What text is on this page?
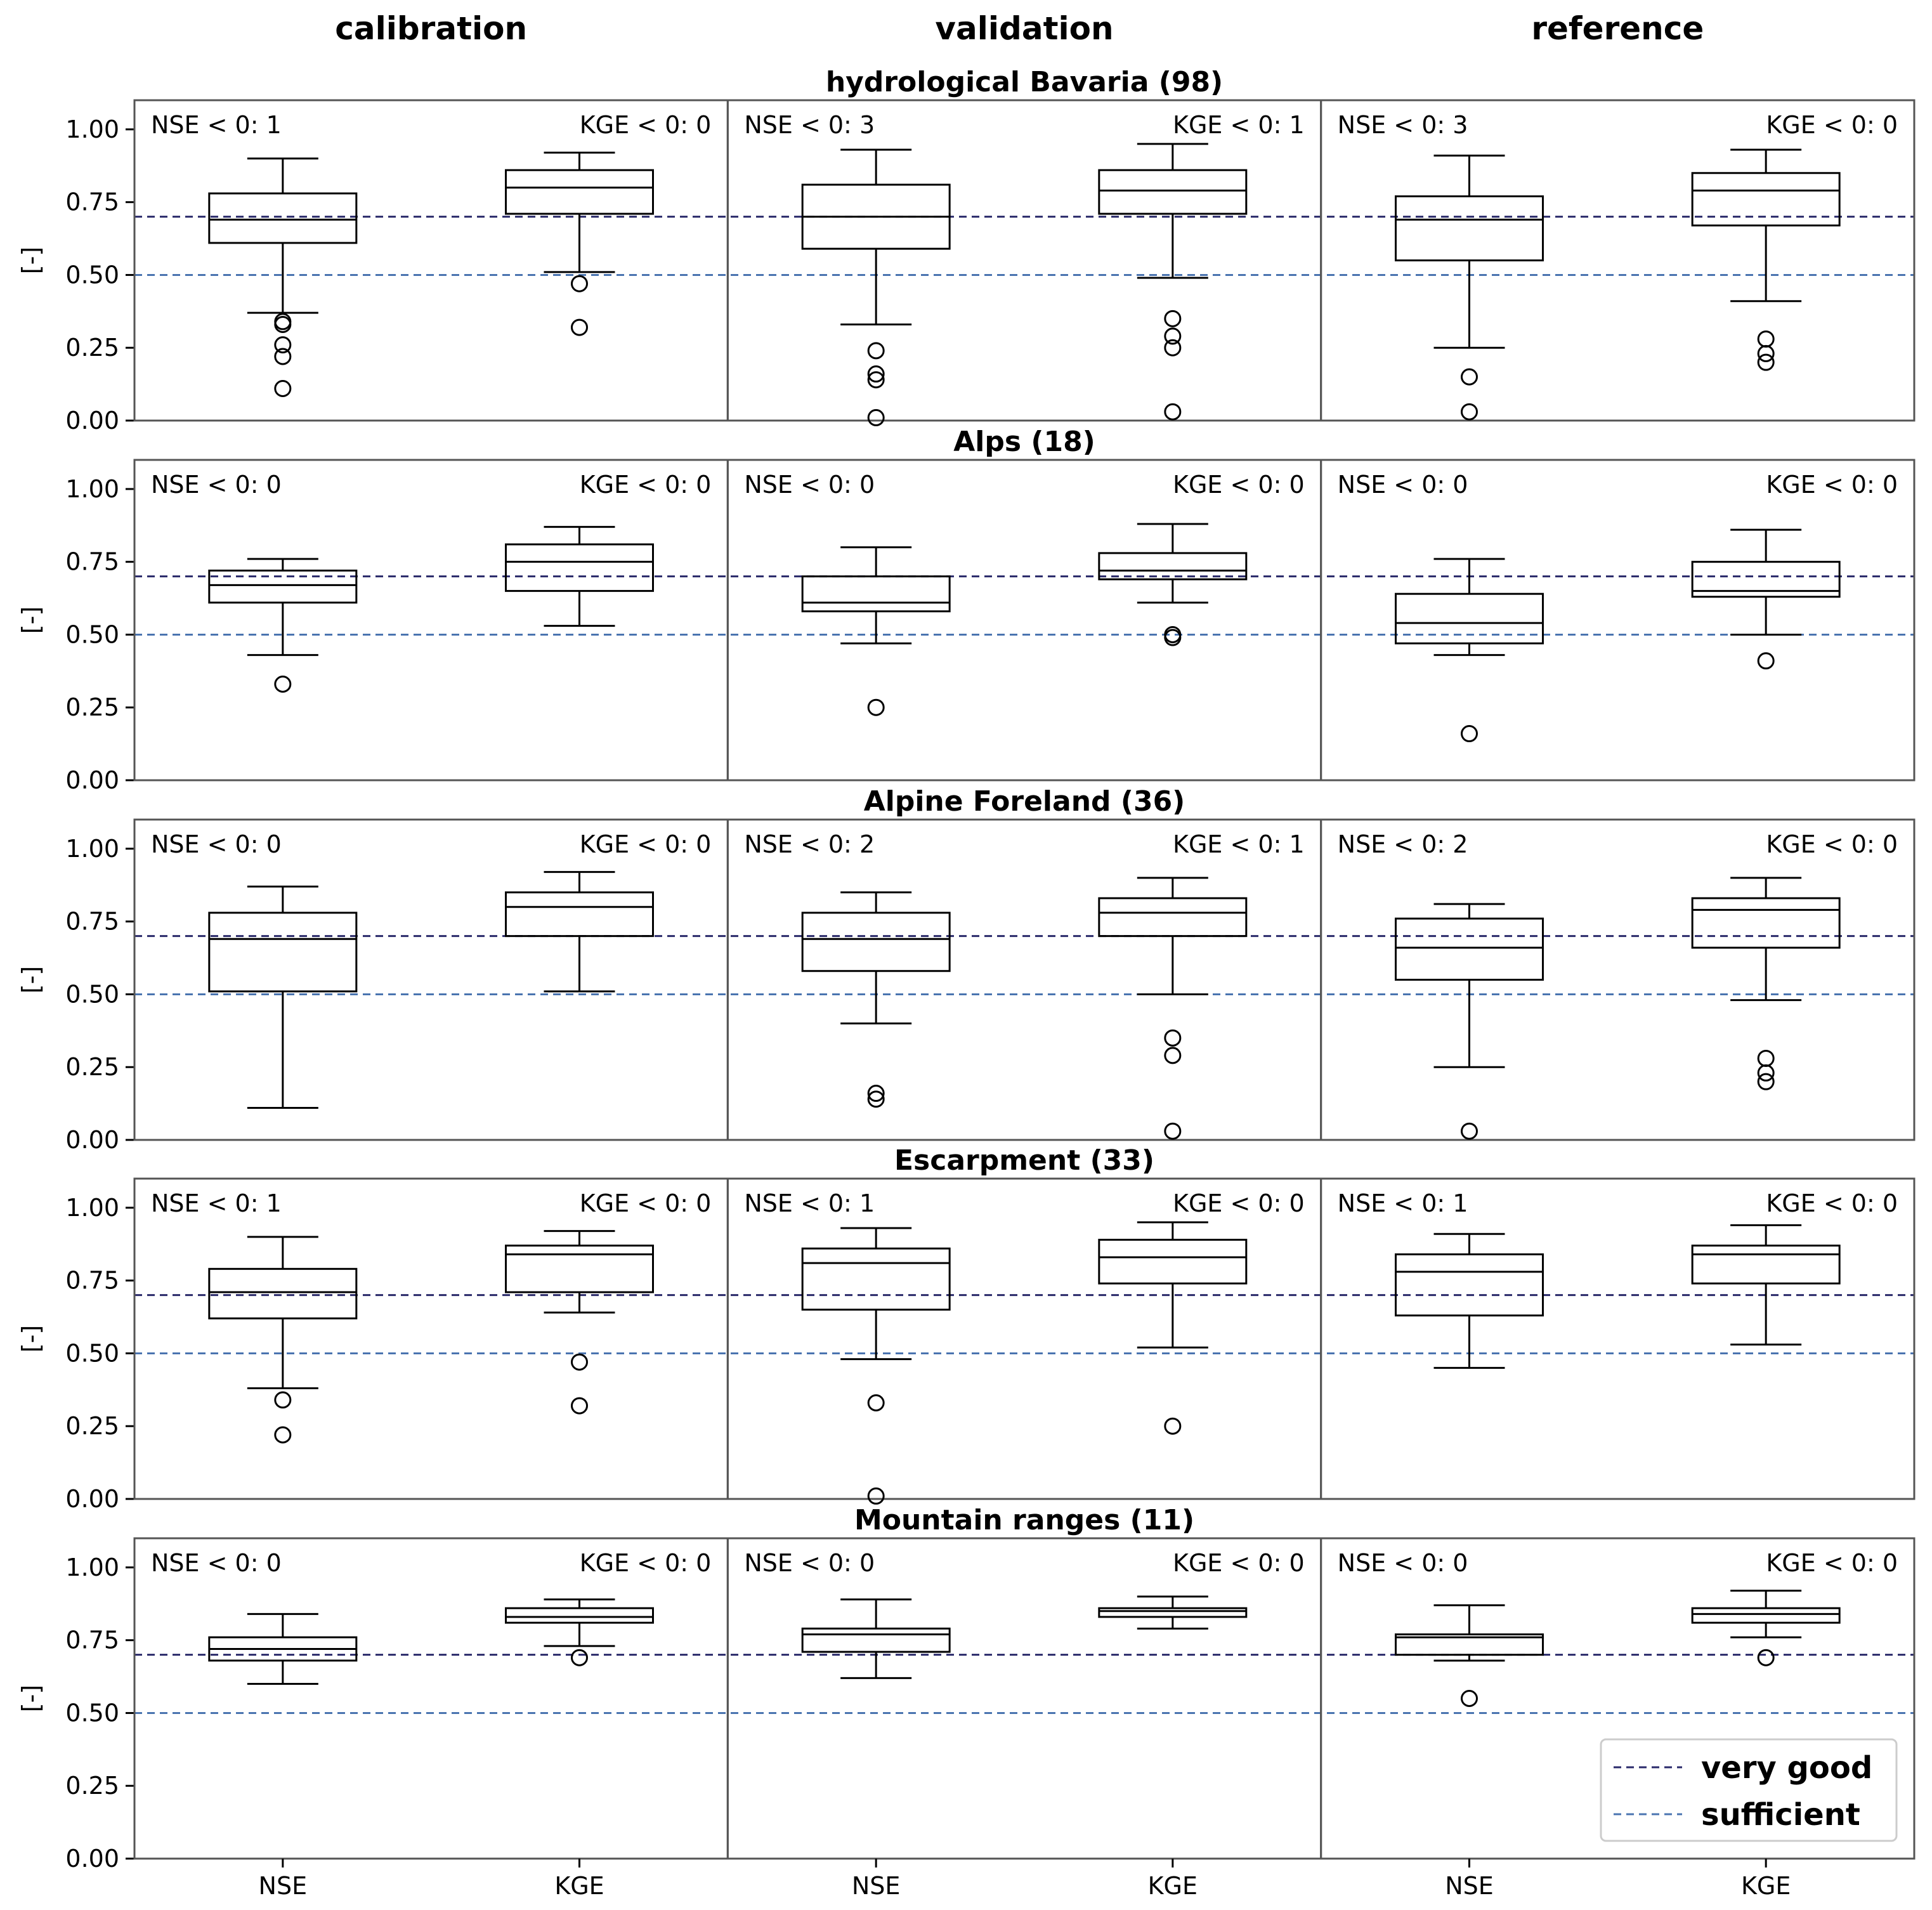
calibration	validation	reference
hydrological Bavaria (98)
[-]
0.00
0.25
0.50
0.75
1.00 NSE < 0: 1	KGE < 0: 0 NSE < 0: 3	KGE < 0: 1 NSE < 0: 3	KGE < 0: 0
Alps (18)
[-]
0.00
0.25
0.50
0.75
1.00 NSE < 0: 0	KGE < 0: 0 NSE < 0: 0	KGE < 0: 0 NSE < 0: 0	KGE < 0: 0
Alpine Foreland (36)
[-]
0.00
0.25
0.50
0.75
1.00 NSE < 0: 0	KGE < 0: 0 NSE < 0: 2	KGE < 0: 1 NSE < 0: 2	KGE < 0: 0
Escarpment (33)
[-]
0.00
0.25
0.50
0.75
1.00 NSE < 0: 1	KGE < 0: 0 NSE < 0: 1	KGE < 0: 0 NSE < 0: 1	KGE < 0: 0
Mountain ranges (11)
[-]
0.00
0.25
0.50
0.75
1.00 NSE < 0: 0	KGE < 0: 0 NSE < 0: 0	KGE < 0: 0 NSE < 0: 0	KGE < 0: 0
NSE	KGE	NSE	KGE	NSE	KGE
very good
sufficient
